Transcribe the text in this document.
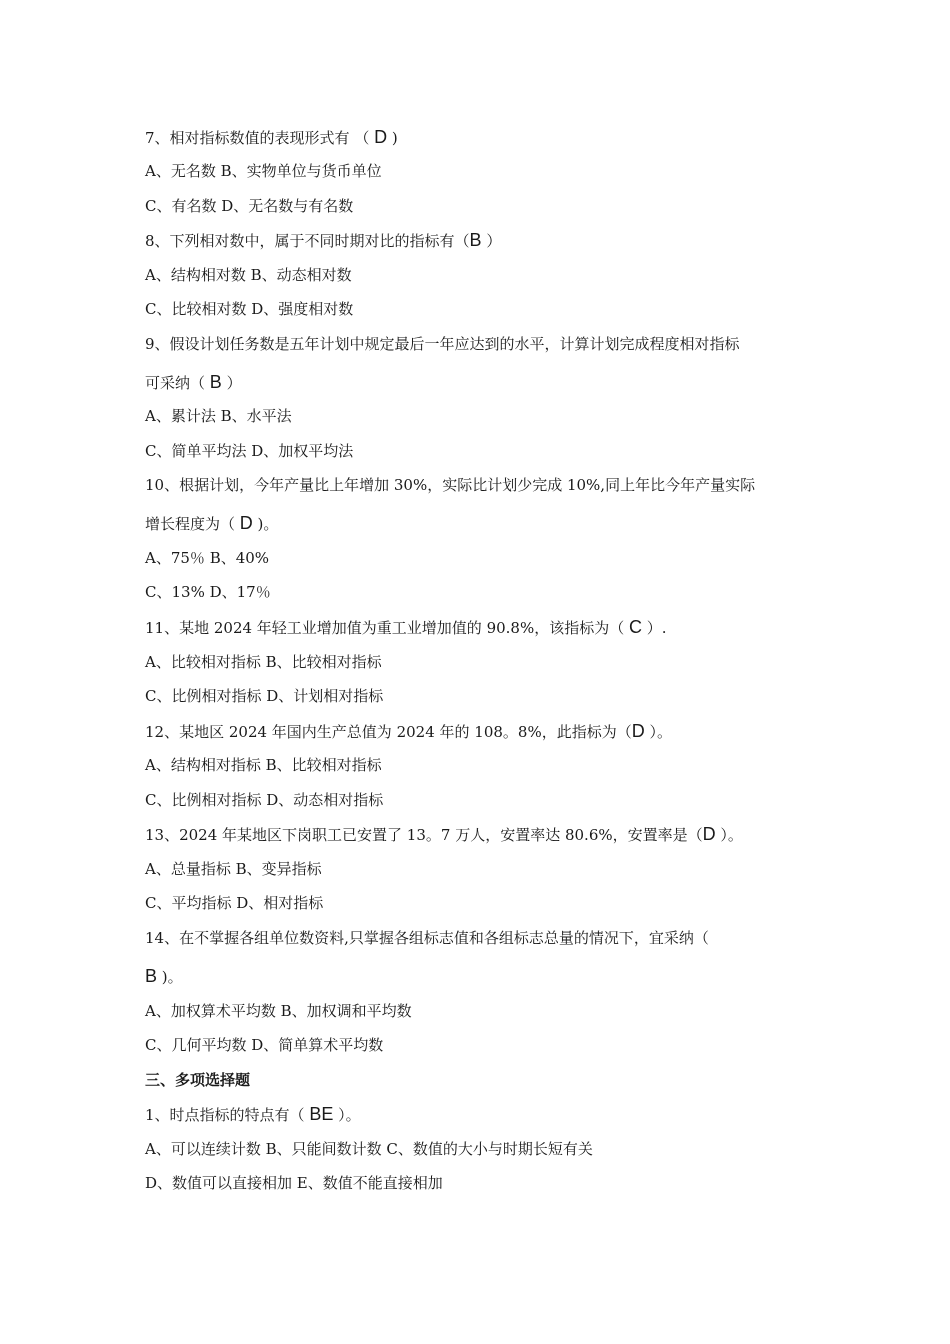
7、相对指标数值的表现形式有 （ D )
A、无名数 B、实物单位与货币单位
C、有名数 D、无名数与有名数
8、下列相对数中，属于不同时期对比的指标有（B ）
A、结构相对数 B、动态相对数
C、比较相对数 D、强度相对数
9、假设计划任务数是五年计划中规定最后一年应达到的水平，计算计划完成程度相对指标
可采纳（ B ）
A、累计法 B、水平法
C、简单平均法 D、加权平均法
10、根据计划，今年产量比上年增加 30%，实际比计划少完成 10%,同上年比今年产量实际
增长程度为（ D )。
A、75％ B、40%
C、13% D、17％
11、某地 2024 年轻工业增加值为重工业增加值的 90.8%，该指标为（ C ）.
A、比较相对指标 B、比较相对指标
C、比例相对指标 D、计划相对指标
12、某地区 2024 年国内生产总值为 2024 年的 108。8%，此指标为（D ）。
A、结构相对指标 B、比较相对指标
C、比例相对指标 D、动态相对指标
13、2024 年某地区下岗职工已安置了 13。7 万人，安置率达 80.6%，安置率是（D ）。
A、总量指标 B、变异指标
C、平均指标 D、相对指标
14、在不掌握各组单位数资料,只掌握各组标志值和各组标志总量的情况下，宜采纳（
B )。
A、加权算术平均数 B、加权调和平均数
C、几何平均数 D、简单算术平均数
三、多项选择题
1、时点指标的特点有（ BE ）。
A、可以连续计数 B、只能间数计数 C、数值的大小与时期长短有关
D、数值可以直接相加 E、数值不能直接相加
